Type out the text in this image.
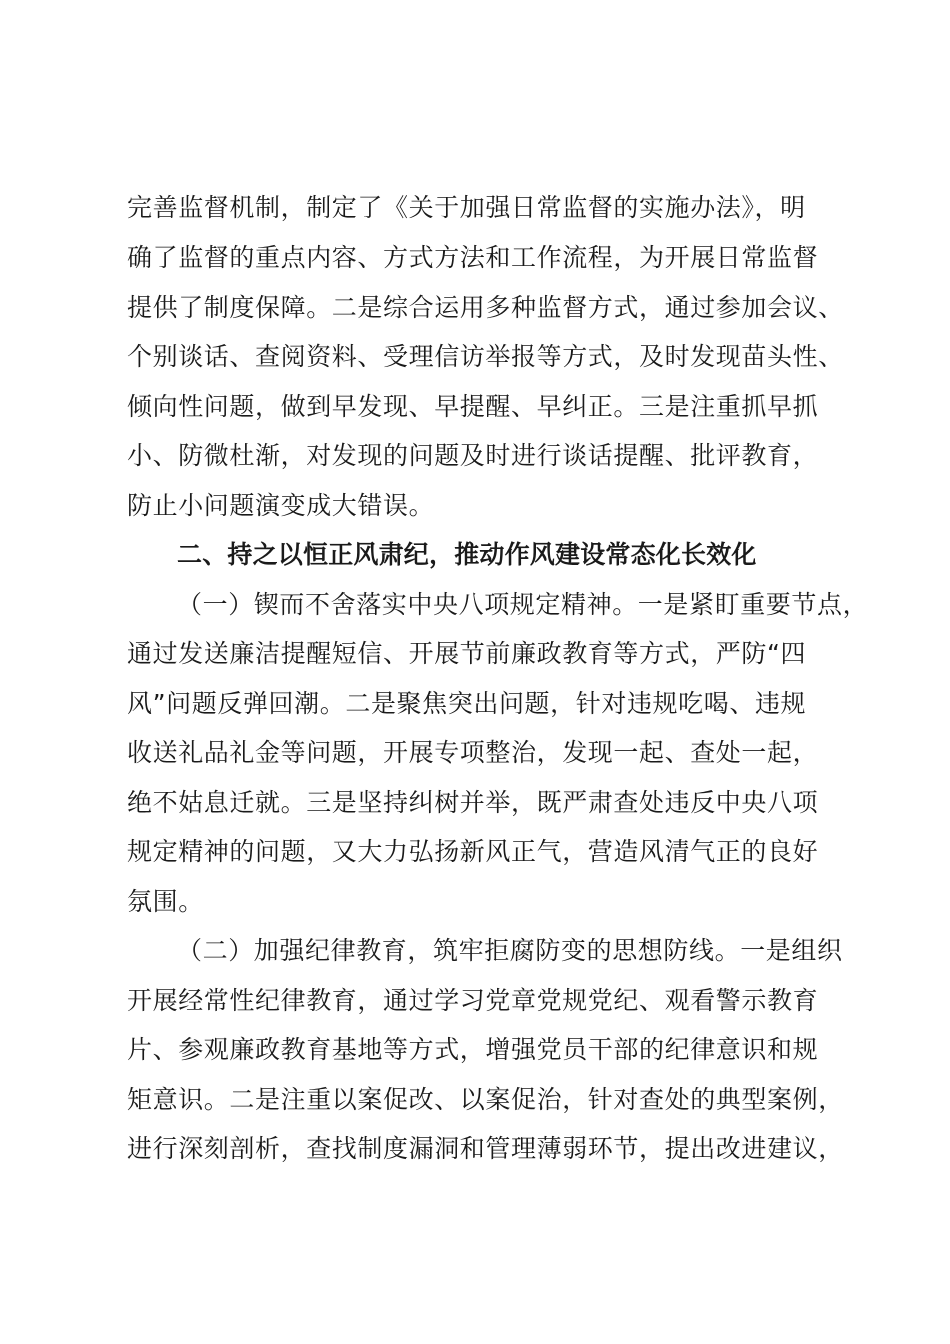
完善监督机制，制定了《关于加强日常监督的实施办法》，明
确了监督的重点内容、方式方法和工作流程，为开展日常监督
提供了制度保障。二是综合运用多种监督方式，通过参加会议、
个别谈话、查阅资料、受理信访举报等方式，及时发现苗头性、
倾向性问题，做到早发现、早提醒、早纠正。三是注重抓早抓
小、防微杜渐，对发现的问题及时进行谈话提醒、批评教育，
防止小问题演变成大错误。
二、持之以恒正风肃纪，推动作风建设常态化长效化
（一）锲而不舍落实中央八项规定精神。一是紧盯重要节点，
通过发送廉洁提醒短信、开展节前廉政教育等方式，严防“四
风”问题反弹回潮。二是聚焦突出问题，针对违规吃喝、违规
收送礼品礼金等问题，开展专项整治，发现一起、查处一起，
绝不姑息迁就。三是坚持纠树并举，既严肃查处违反中央八项
规定精神的问题，又大力弘扬新风正气，营造风清气正的良好
氛围。
（二）加强纪律教育，筑牢拒腐防变的思想防线。一是组织
开展经常性纪律教育，通过学习党章党规党纪、观看警示教育
片、参观廉政教育基地等方式，增强党员干部的纪律意识和规
矩意识。二是注重以案促改、以案促治，针对查处的典型案例，
进行深刻剖析，查找制度漏洞和管理薄弱环节，提出改进建议，
